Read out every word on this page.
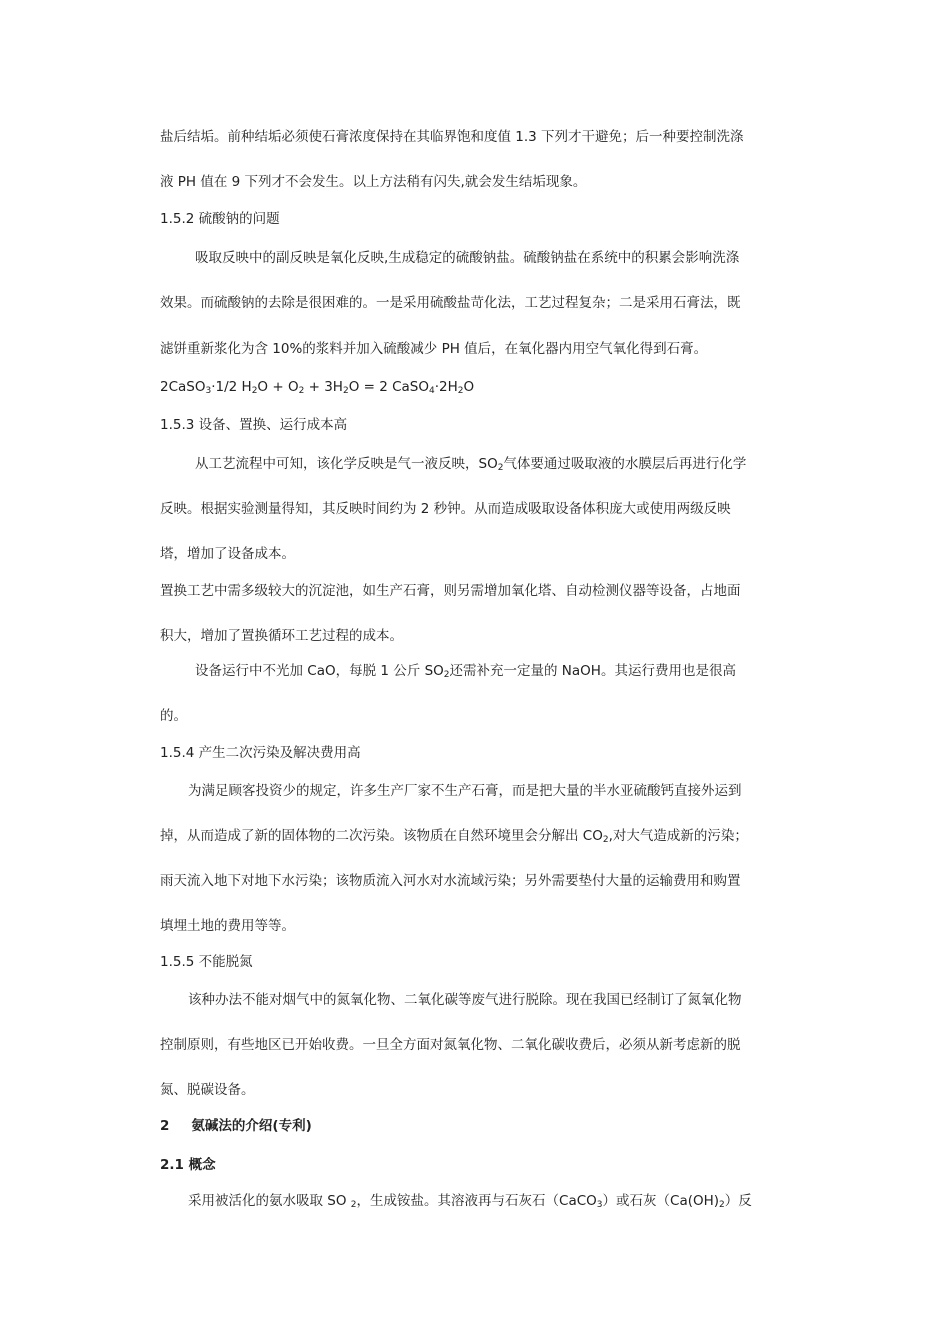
盐后结垢。前种结垢必须使石膏浓度保持在其临界饱和度值 1.3 下列才干避免；后一种要控制洗涤
液 PH 值在 9 下列才不会发生。以上方法稍有闪失,就会发生结垢现象。
1.5.2 硫酸钠的问题
吸取反映中的副反映是氧化反映,生成稳定的硫酸钠盐。硫酸钠盐在系统中的积累会影响洗涤
效果。而硫酸钠的去除是很困难的。一是采用硫酸盐苛化法，工艺过程复杂；二是采用石膏法，既
滤饼重新浆化为含 10%的浆料并加入硫酸减少 PH 值后，在氧化器内用空气氧化得到石膏。
2CaSO$_3$·1/2 $H_2O + O_2 + 3H_2O = 2$ $CaSO_4\cdot 2H_2O$
1.5.3 设备、置换、运行成本高
从工艺流程中可知，该化学反映是气一液反映，$SO_2$气体要通过吸取液的水膜层后再进行化学
反映。根据实验测量得知，其反映时间约为 2 秒钟。从而造成吸取设备体积庞大或使用两级反映
塔，增加了设备成本。
置换工艺中需多级较大的沉淀池，如生产石膏，则另需增加氧化塔、自动检测仪器等设备，占地面
积大，增加了置换循环工艺过程的成本。
设备运行中不光加 CaO，每脱 1 公斤 $SO_2$还需补充一定量的 NaOH。其运行费用也是很高
的。
1.5.4 产生二次污染及解决费用高
为满足顾客投资少的规定，许多生产厂家不生产石膏，而是把大量的半水亚硫酸钙直接外运到
掉，从而造成了新的固体物的二次污染。该物质在自然环境里会分解出 $CO_2$,对大气造成新的污染；
雨天流入地下对地下水污染；该物质流入河水对水流域污染；另外需要垫付大量的运输费用和购置
填埋土地的费用等等。
1.5.5 不能脱氮
该种办法不能对烟气中的氮氧化物、二氧化碳等废气进行脱除。现在我国已经制订了氮氧化物
控制原则，有些地区已开始收费。一旦全方面对氮氧化物、二氧化碳收费后，必须从新考虑新的脱
氮、脱碳设备。
2 氨碱法的介绍(专利)
2.1 概念
采用被活化的氨水吸取 SO $_2$，生成铵盐。其溶液再与石灰石（CaCO$_3$）或石灰$(Ca(OH)_2)$反
